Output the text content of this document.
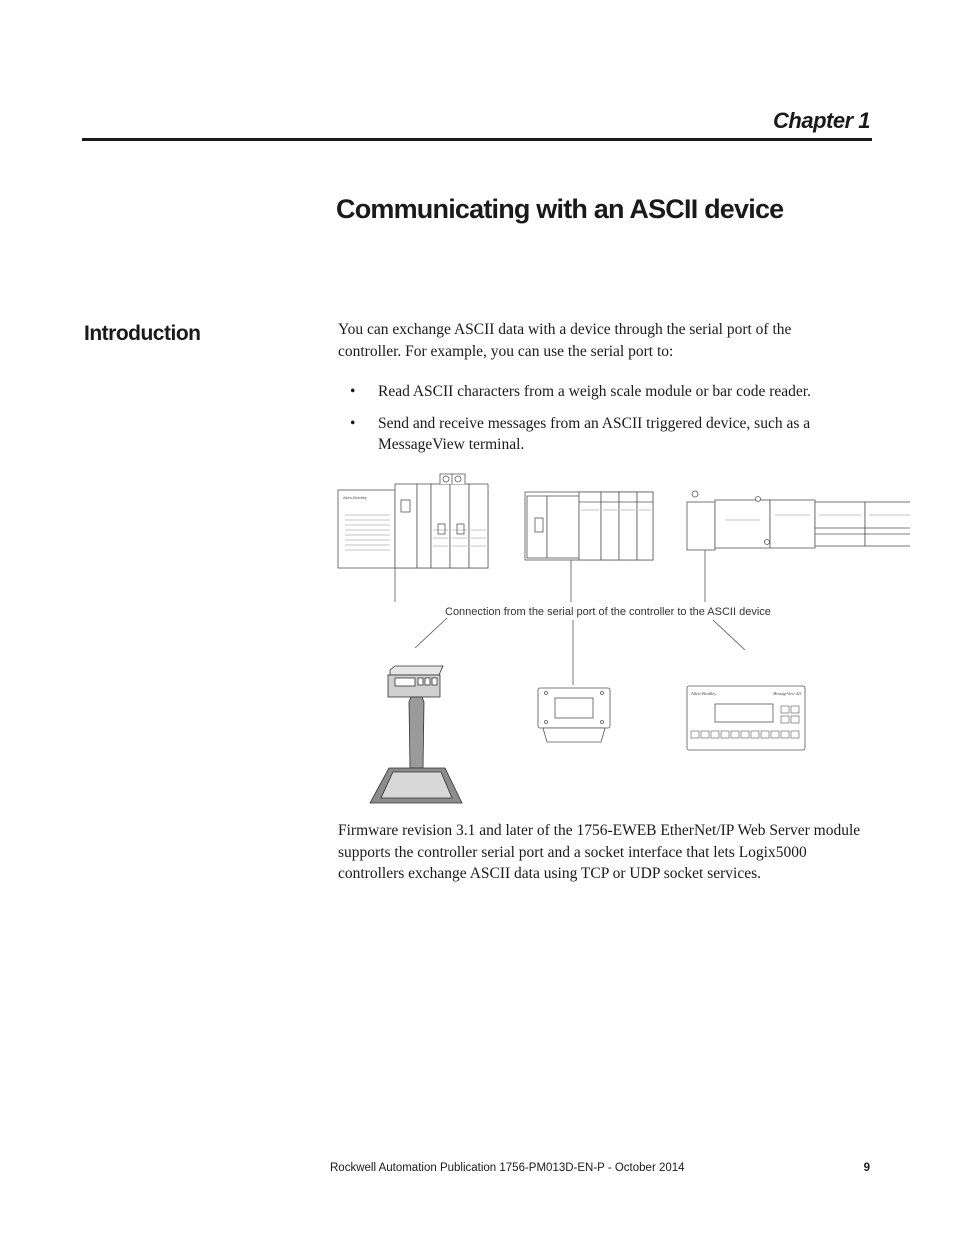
Chapter 1
Communicating with an ASCII device
Introduction	You can exchange ASCII data with a device through the serial port of the controller. For example, you can use the serial port to:

• Read ASCII characters from a weigh scale module or bar code reader.
• Send and receive messages from an ASCII triggered device, such as a MessageView terminal.
Allen-Bradley
Connection from the serial port of the controller to the ASCII device
Allen-Bradley	MessageView 421

Firmware revision 3.1 and later of the 1756-EWEB EtherNet/IP Web Server module supports the controller serial port and a socket interface that lets Logix5000 controllers exchange ASCII data using TCP or UDP socket services.

Rockwell Automation Publication 1756-PM013D-EN-P - October 2014	9
